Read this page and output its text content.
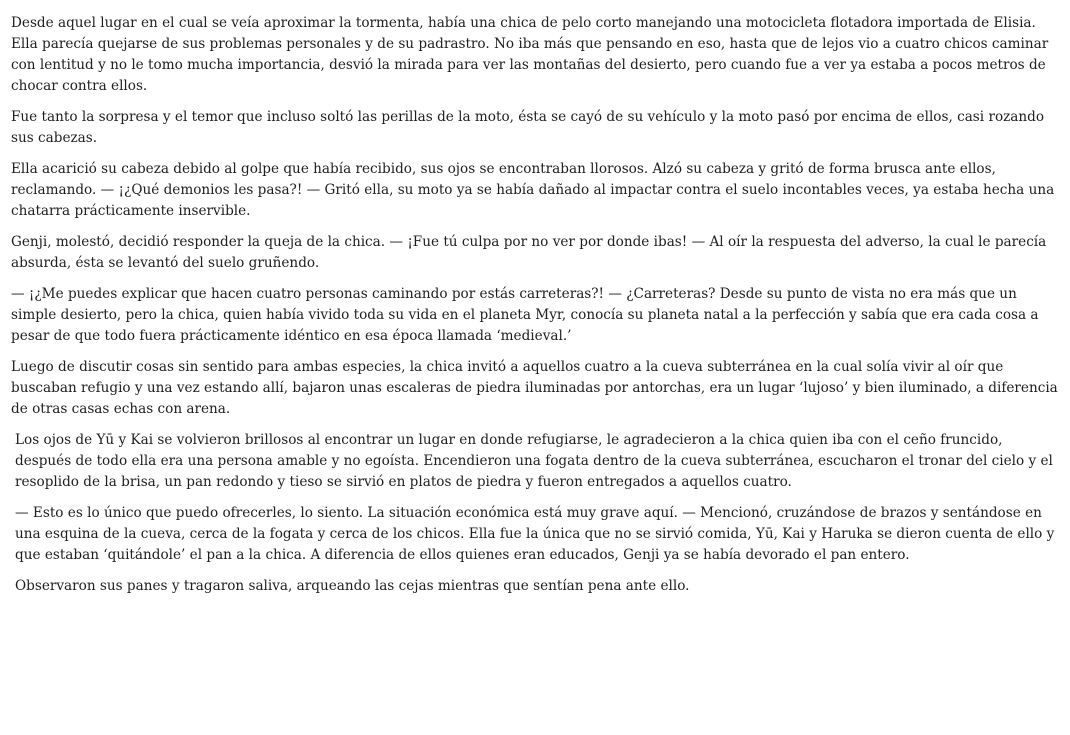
Desde aquel lugar en el cual se veía aproximar la tormenta, había una chica de pelo corto manejando una motocicleta flotadora importada de Elisia. Ella parecía quejarse de sus problemas personales y de su padrastro. No iba más que pensando en eso, hasta que de lejos vio a cuatro chicos caminar con lentitud y no le tomo mucha importancia, desvió la mirada para ver las montañas del desierto, pero cuando fue a ver ya estaba a pocos metros de chocar contra ellos.

Fue tanto la sorpresa y el temor que incluso soltó las perillas de la moto, ésta se cayó de su vehículo y la moto pasó por encima de ellos, casi rozando sus cabezas.

Ella acarició su cabeza debido al golpe que había recibido, sus ojos se encontraban llorosos. Alzó su cabeza y gritó de forma brusca ante ellos, reclamando. — ¡¿Qué demonios les pasa?! — Gritó ella, su moto ya se había dañado al impactar contra el suelo incontables veces, ya estaba hecha una chatarra prácticamente inservible.

Genji, molestó, decidió responder la queja de la chica. — ¡Fue tú culpa por no ver por donde ibas! — Al oír la respuesta del adverso, la cual le parecía absurda, ésta se levantó del suelo gruñendo.

— ¡¿Me puedes explicar que hacen cuatro personas caminando por estás carreteras?! — ¿Carreteras? Desde su punto de vista no era más que un simple desierto, pero la chica, quien había vivido toda su vida en el planeta Myr, conocía su planeta natal a la perfección y sabía que era cada cosa a pesar de que todo fuera prácticamente idéntico en esa época llamada ‘medieval.’

Luego de discutir cosas sin sentido para ambas especies, la chica invitó a aquellos cuatro a la cueva subterránea en la cual solía vivir al oír que buscaban refugio y una vez estando allí, bajaron unas escaleras de piedra iluminadas por antorchas, era un lugar ‘lujoso’ y bien iluminado, a diferencia de otras casas echas con arena.

Los ojos de Yū y Kai se volvieron brillosos al encontrar un lugar en donde refugiarse, le agradecieron a la chica quien iba con el ceño fruncido, después de todo ella era una persona amable y no egoísta. Encendieron una fogata dentro de la cueva subterránea, escucharon el tronar del cielo y el resoplido de la brisa, un pan redondo y tieso se sirvió en platos de piedra y fueron entregados a aquellos cuatro.

— Esto es lo único que puedo ofrecerles, lo siento. La situación económica está muy grave aquí. — Mencionó, cruzándose de brazos y sentándose en una esquina de la cueva, cerca de la fogata y cerca de los chicos. Ella fue la única que no se sirvió comida, Yū, Kai y Haruka se dieron cuenta de ello y que estaban ‘quitándole’ el pan a la chica. A diferencia de ellos quienes eran educados, Genji ya se había devorado el pan entero.

Observaron sus panes y tragaron saliva, arqueando las cejas mientras que sentían pena ante ello.
